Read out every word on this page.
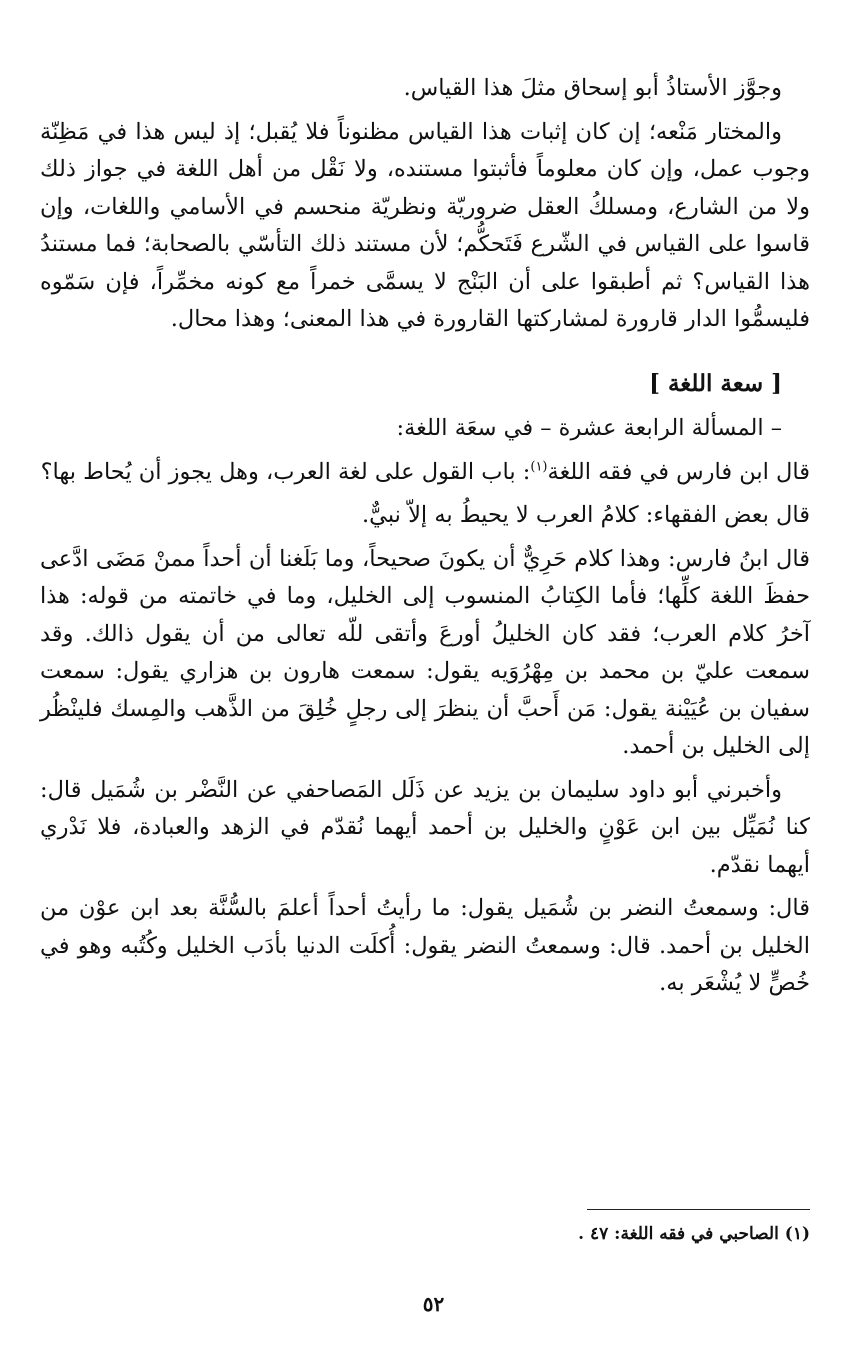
وجوَّز الأستاذُ أبو إسحاق مثلَ هذا القياس.

والمختار مَنْعه؛ إن كان إثبات هذا القياس مظنوناً فلا يُقبل؛ إذ ليس هذا في مَظِنّة وجوب عمل، وإن كان معلوماً فأثبتوا مستنده، ولا نَقْل من أهل اللغة في جواز ذلك ولا من الشارع، ومسلكُ العقل ضروريّة ونظريّة منحسم في الأسامي واللغات، وإن قاسوا على القياس في الشّرع فَتَحكُّم؛ لأن مستند ذلك التأسّي بالصحابة؛ فما مستندُ هذا القياس؟ ثم أطبقوا على أن البَنْج لا يسمَّى خمراً مع كونه مخمِّراً، فإن سَمّوه فليسمُّوا الدار قارورة لمشاركتها القارورة في هذا المعنى؛ وهذا محال.

[ سعة اللغة ]

– المسألة الرابعة عشرة – في سعَة اللغة:

قال ابن فارس في فقه اللغة$^{(١)}$: باب القول على لغة العرب، وهل يجوز أن يُحاط بها؟

قال بعض الفقهاء: كلامُ العرب لا يحيطُ به إلاّ نبيٌّ.

قال ابنُ فارس: وهذا كلام حَرِيٌّ أن يكونَ صحيحاً، وما بَلَغنا أن أحداً ممنْ مَضَى ادَّعى حفظَ اللغة كلِّها؛ فأما الكِتابُ المنسوب إلى الخليل، وما في خاتمته من قوله: هذا آخرُ كلام العرب؛ فقد كان الخليلُ أورعَ وأتقى للّه تعالى من أن يقول ذالك. وقد سمعت عليّ بن محمد بن مِهْرُوَيه يقول: سمعت هارون بن هزاري يقول: سمعت سفيان بن عُيَيْنة يقول: مَن أَحبَّ أن ينظرَ إلى رجلٍ خُلِقَ من الذَّهب والمِسك فلينْظُر إلى الخليل بن أحمد.

وأخبرني أبو داود سليمان بن يزيد عن ذَلَل المَصاحفي عن النَّضْر بن شُمَيل قال: كنا نُمَيِّل بين ابن عَوْنٍ والخليل بن أحمد أيهما نُقدّم في الزهد والعبادة، فلا نَدْري أيهما نقدّم.

قال: وسمعتُ النضر بن شُمَيل يقول: ما رأيتُ أحداً أعلمَ بالسُّنَّة بعد ابن عوْن من الخليل بن أحمد. قال: وسمعتُ النضر يقول: أُكلَت الدنيا بأدَب الخليل وكُتُبه وهو في خُصٍّ لا يُشْعَر به.

(١) الصاحبي في فقه اللغة: ٤٧ .
٥٢
